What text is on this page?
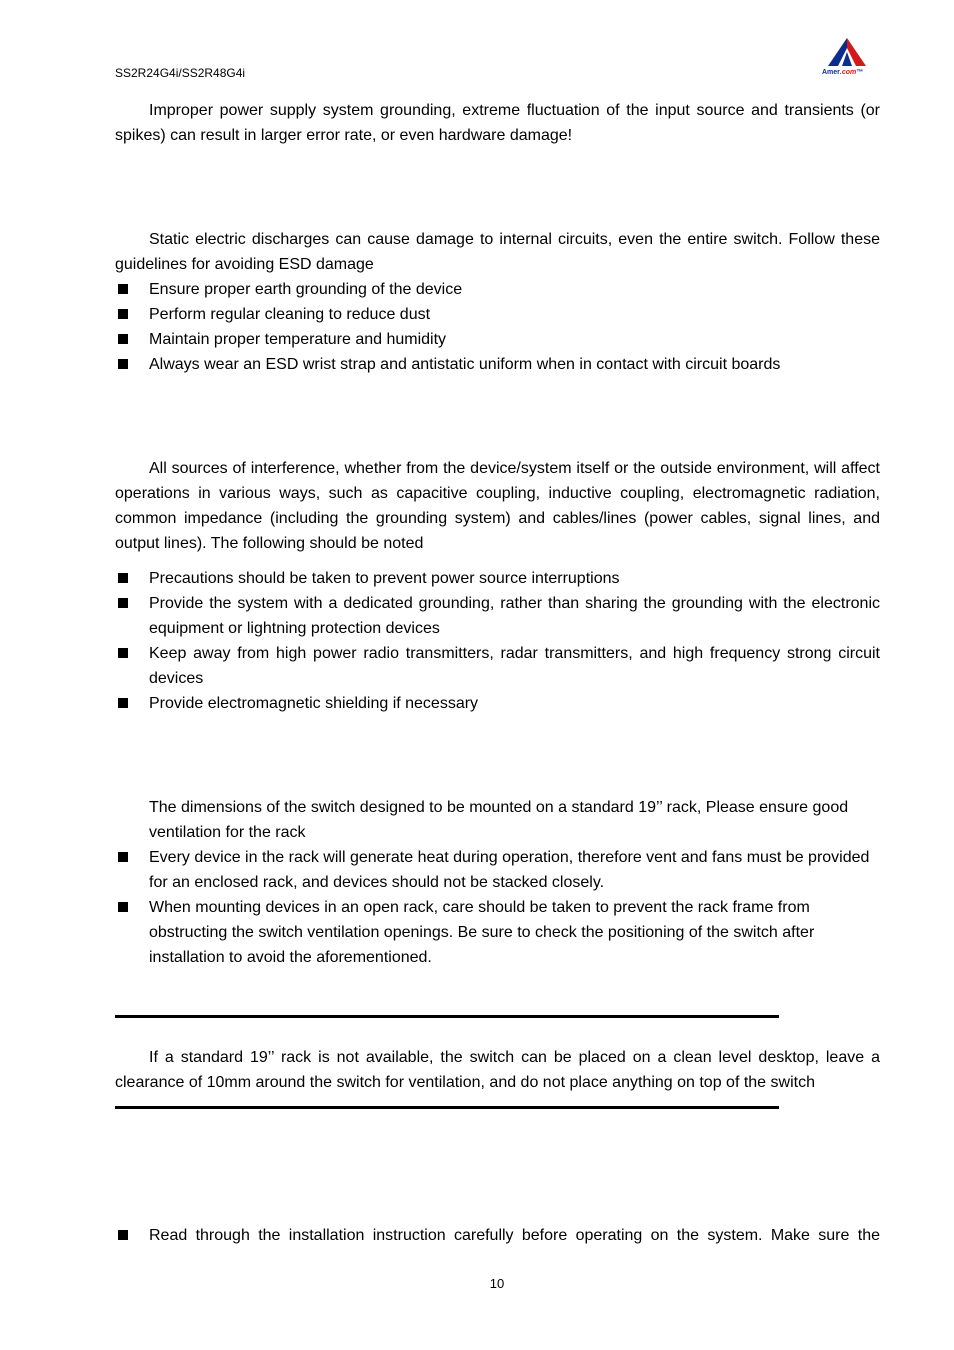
SS2R24G4i/SS2R48G4i	Amer.com™
Improper power supply system grounding, extreme fluctuation of the input source and transients (or spikes) can result in larger error rate, or even hardware damage!
Static electric discharges can cause damage to internal circuits, even the entire switch. Follow these guidelines for avoiding ESD damage
Ensure proper earth grounding of the device
Perform regular cleaning to reduce dust
Maintain proper temperature and humidity
Always wear an ESD wrist strap and antistatic uniform when in contact with circuit boards
All sources of interference, whether from the device/system itself or the outside environment, will affect operations in various ways, such as capacitive coupling, inductive coupling, electromagnetic radiation, common impedance (including the grounding system) and cables/lines (power cables, signal lines, and output lines). The following should be noted
Precautions should be taken to prevent power source interruptions
Provide the system with a dedicated grounding, rather than sharing the grounding with the electronic equipment or lightning protection devices
Keep away from high power radio transmitters, radar transmitters, and high frequency strong circuit devices
Provide electromagnetic shielding if necessary
The dimensions of the switch designed to be mounted on a standard 19’’ rack, Please ensure good ventilation for the rack
Every device in the rack will generate heat during operation, therefore vent and fans must be provided for an enclosed rack, and devices should not be stacked closely.
When mounting devices in an open rack, care should be taken to prevent the rack frame from obstructing the switch ventilation openings. Be sure to check the positioning of the switch after installation to avoid the aforementioned.
If a standard 19’’ rack is not available, the switch can be placed on a clean level desktop, leave a clearance of 10mm around the switch for ventilation, and do not place anything on top of the switch
Read through the installation instruction carefully before operating on the system. Make sure the
10
